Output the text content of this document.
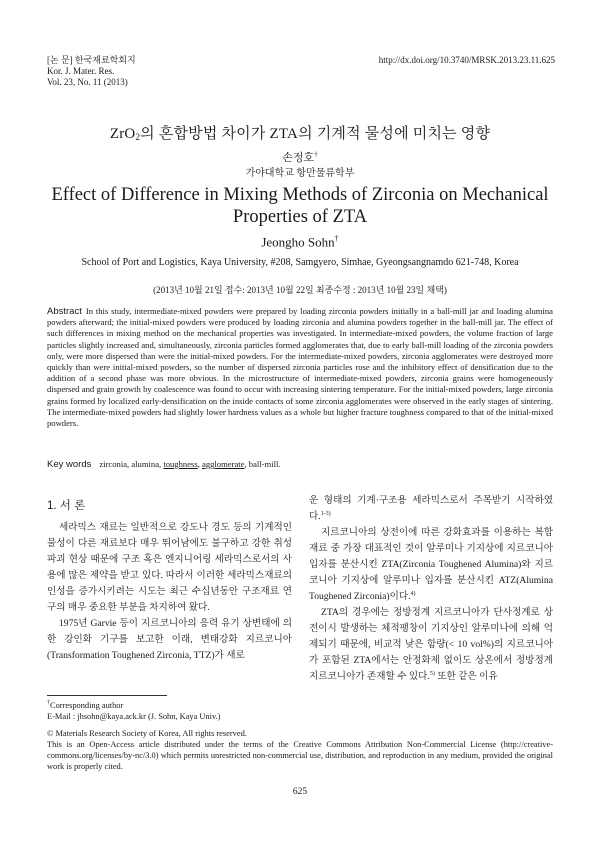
[논 문] 한국재료학회지
Kor. J. Mater. Res.
Vol. 23, No. 11 (2013)
http://dx.doi.org/10.3740/MRSK.2013.23.11.625
ZrO$_2$의 혼합방법 차이가 ZTA의 기계적 물성에 미치는 영향
손정호†
가야대학교 항만물류학부
Effect of Difference in Mixing Methods of Zirconia on Mechanical Properties of ZTA
Jeongho Sohn†
School of Port and Logistics, Kaya University, #208, Samgyero, Simhae, Gyeongsangnamdo 621-748, Korea
(2013년 10월 21일 접수: 2013년 10월 22일 최종수정 : 2013년 10월 23일 채택)
Abstract In this study, intermediate-mixed powders were prepared by loading zirconia powders initially in a ball-mill jar and loading alumina powders afterward; the initial-mixed powders were produced by loading zirconia and alumina powders together in the ball-mill jar. The effect of such differences in mixing method on the mechanical properties was investigated. In intermediate-mixed powders, the volume fraction of large particles slightly increased and, simultaneously, zirconia particles formed agglomerates that, due to early ball-mill loading of the zirconia powders only, were more dispersed than were the initial-mixed powders. For the intermediate-mixed powders, zirconia agglomerates were destroyed more quickly than were initial-mixed powders, so the number of dispersed zirconia particles rose and the inhibitory effect of densification due to the addition of a second phase was more obvious. In the microstructure of intermediate-mixed powders, zirconia grains were homogeneously dispersed and grain growth by coalescence was found to occur with increasing sintering temperature. For the initial-mixed powders, large zirconia grains formed by localized early-densification on the inside contacts of some zirconia agglomerates were observed in the early stages of sintering. The intermediate-mixed powders had slightly lower hardness values as a whole but higher fracture toughness compared to that of the initial-mixed powders.
Key words zirconia, alumina, toughness, agglomerate, ball-mill.
1. 서 론

세라믹스 재료는 일반적으로 강도나 경도 등의 기계적인 물성이 다른 재료보다 매우 뛰어남에도 불구하고 강한 취성파괴 현상 때문에 구조 혹은 엔지니어링 세라믹스로서의 사용에 많은 제약을 받고 있다. 따라서 이러한 세라믹스재료의 인성을 증가시키려는 시도는 최근 수십년동안 구조재료 연구의 매우 중요한 부분을 차지하여 왔다.

1975년 Garvie 등이 지르코니아의 응력 유기 상변태에 의한 강인화 기구를 보고한 이래, 변태강화 지르코니아(Transformation Toughened Zirconia, TTZ)가 새로

운 형태의 기계·구조용 세라믹스로서 주목받기 시작하였다.$^{1-3)}$

지르코니아의 상전이에 따른 강화효과를 이용하는 복합재료 중 가장 대표적인 것이 알루미나 기지상에 지르코니아 입자를 분산시킨 ZTA(Zirconia Toughened Alumina)와 지르코니아 기지상에 알루미나 입자를 분산시킨 ATZ(Alumina Toughened Zirconia)이다.$^{4)}$

ZTA의 경우에는 정방정계 지르코니아가 단사정계로 상전이시 발생하는 체적팽창이 기지상인 알루미나에 의해 억제되기 때문에, 비교적 낮은 함량(< 10 vol%)의 지르코니아가 포함된 ZTA에서는 안정화제 없이도 상온에서 정방정계 지르코니아가 존재할 수 있다.$^{5)}$ 또한 같은 이유

†Corresponding author
E-Mail : jhsohn@kaya.ack.kr (J. Sohn, Kaya Univ.)
© Materials Research Society of Korea, All rights reserved.
This is an Open-Access article distributed under the terms of the Creative Commons Attribution Non-Commercial License (http://creative-commons.org/licenses/by-nc/3.0) which permits unrestricted non-commercial use, distribution, and reproduction in any medium, provided the original work is properly cited.
625
